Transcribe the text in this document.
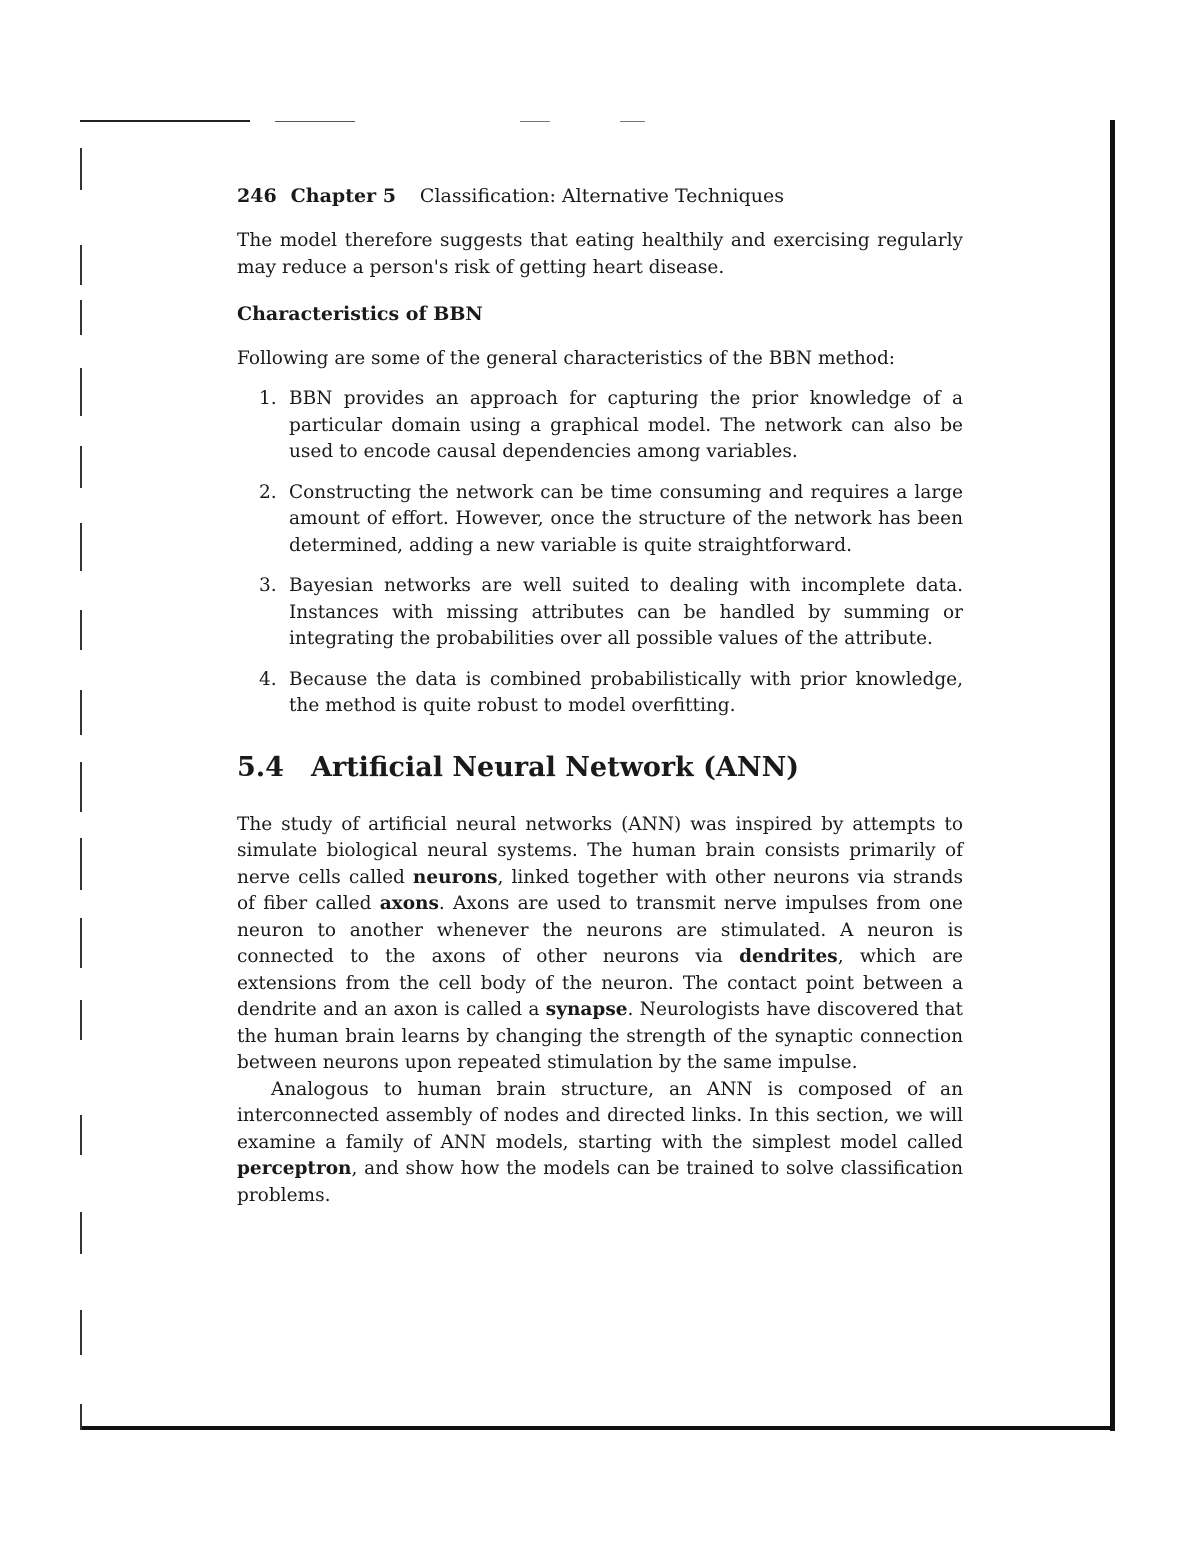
246 Chapter 5 Classification: Alternative Techniques

The model therefore suggests that eating healthily and exercising regularly may reduce a person's risk of getting heart disease.

Characteristics of BBN

Following are some of the general characteristics of the BBN method:

1. BBN provides an approach for capturing the prior knowledge of a particular domain using a graphical model. The network can also be used to encode causal dependencies among variables.
2. Constructing the network can be time consuming and requires a large amount of effort. However, once the structure of the network has been determined, adding a new variable is quite straightforward.
3. Bayesian networks are well suited to dealing with incomplete data. Instances with missing attributes can be handled by summing or integrating the probabilities over all possible values of the attribute.
4. Because the data is combined probabilistically with prior knowledge, the method is quite robust to model overfitting.
5.4 Artificial Neural Network (ANN)

The study of artificial neural networks (ANN) was inspired by attempts to simulate biological neural systems. The human brain consists primarily of nerve cells called neurons, linked together with other neurons via strands of fiber called axons. Axons are used to transmit nerve impulses from one neuron to another whenever the neurons are stimulated. A neuron is connected to the axons of other neurons via dendrites, which are extensions from the cell body of the neuron. The contact point between a dendrite and an axon is called a synapse. Neurologists have discovered that the human brain learns by changing the strength of the synaptic connection between neurons upon repeated stimulation by the same impulse.

Analogous to human brain structure, an ANN is composed of an interconnected assembly of nodes and directed links. In this section, we will examine a family of ANN models, starting with the simplest model called perceptron, and show how the models can be trained to solve classification problems.
